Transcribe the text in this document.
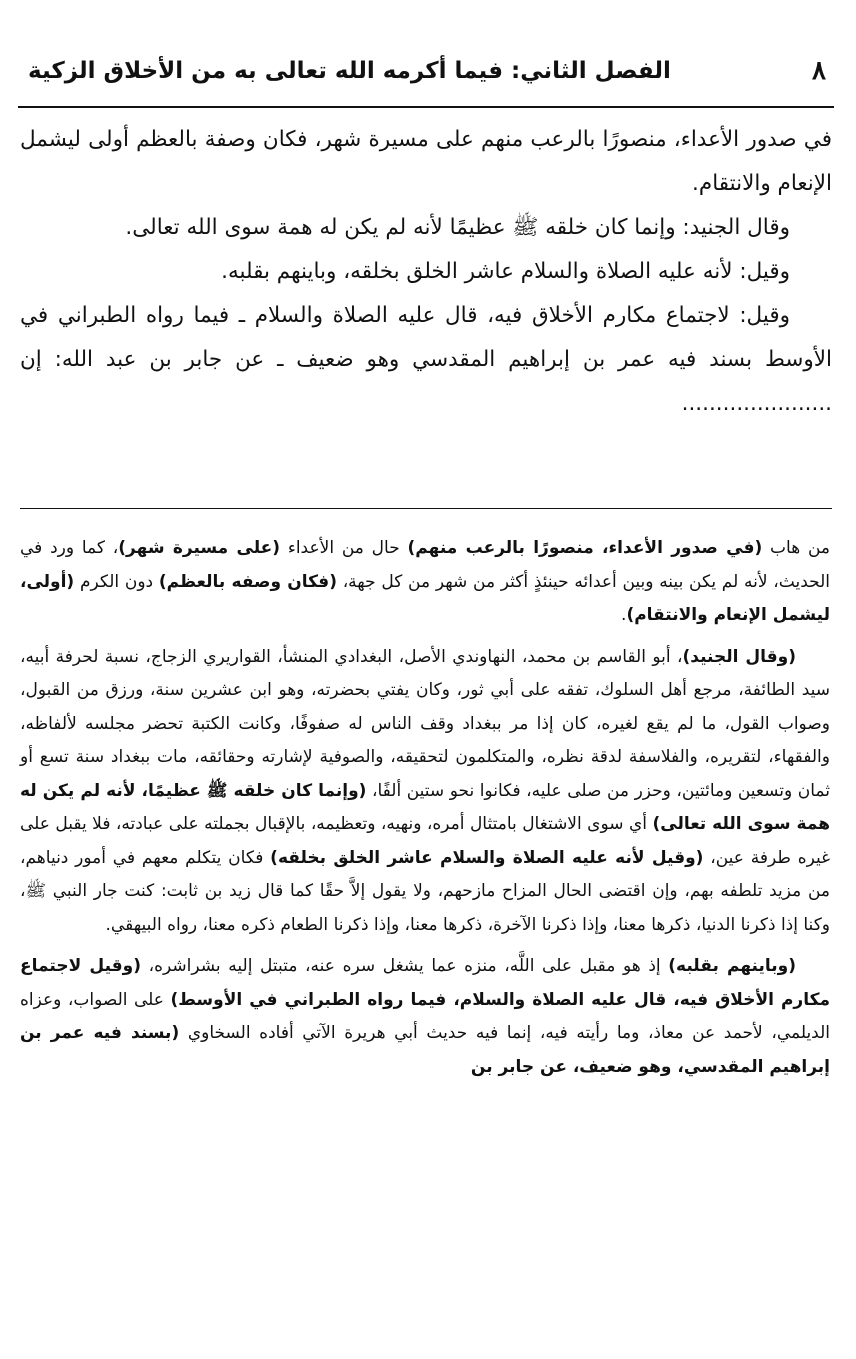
٨
الفصل الثاني: فيما أكرمه الله تعالى به من الأخلاق الزكية

في صدور الأعداء، منصورًا بالرعب منهم على مسيرة شهر، فكان وصفة بالعظم أولى ليشمل الإنعام والانتقام.

وقال الجنيد: وإنما كان خلقه ﷺ عظيمًا لأنه لم يكن له همة سوى الله تعالى.

وقيل: لأنه عليه الصلاة والسلام عاشر الخلق بخلقه، وباينهم بقلبه.

وقيل: لاجتماع مكارم الأخلاق فيه، قال عليه الصلاة والسلام ـ فيما رواه الطبراني في الأوسط بسند فيه عمر بن إبراهيم المقدسي وهو ضعيف ـ عن جابر بن عبد الله: إن ......................

من هاب (في صدور الأعداء، منصورًا بالرعب منهم) حال من الأعداء (على مسيرة شهر)، كما ورد في الحديث، لأنه لم يكن بينه وبين أعدائه حينئذٍ أكثر من شهر من كل جهة، (فكان وصفه بالعظم) دون الكرم (أولى، ليشمل الإنعام والانتقام).

(وقال الجنيد)، أبو القاسم بن محمد، النهاوندي الأصل، البغدادي المنشأ، القواريري الزجاج، نسبة لحرفة أبيه، سيد الطائفة، مرجع أهل السلوك، تفقه على أبي ثور، وكان يفتي بحضرته، وهو ابن عشرين سنة، ورزق من القبول، وصواب القول، ما لم يقع لغيره، كان إذا مر ببغداد وقف الناس له صفوفًا، وكانت الكتبة تحضر مجلسه لألفاظه، والفقهاء، لتقريره، والفلاسفة لدقة نظره، والمتكلمون لتحقيقه، والصوفية لإشارته وحقائقه، مات ببغداد سنة تسع أو ثمان وتسعين ومائتين، وحزر من صلى عليه، فكانوا نحو ستين ألفًا، (وإنما كان خلقه ﷺ عظيمًا، لأنه لم يكن له همة سوى الله تعالى) أي سوى الاشتغال بامتثال أمره، ونهيه، وتعظيمه، بالإقبال بجملته على عبادته، فلا يقبل على غيره طرفة عين، (وقيل لأنه عليه الصلاة والسلام عاشر الخلق بخلقه) فكان يتكلم معهم في أمور دنياهم، من مزيد تلطفه بهم، وإن اقتضى الحال المزاح مازحهم، ولا يقول إلاَّ حقًا كما قال زيد بن ثابت: كنت جار النبي ﷺ، وكنا إذا ذكرنا الدنيا، ذكرها معنا، وإذا ذكرنا الآخرة، ذكرها معنا، وإذا ذكرنا الطعام ذكره معنا، رواه البيهقي.

(وباينهم بقلبه) إذ هو مقبل على اللَّه، منزه عما يشغل سره عنه، متبتل إليه بشراشره، (وقيل لاجتماع مكارم الأخلاق فيه، قال عليه الصلاة والسلام، فيما رواه الطبراني في الأوسط) على الصواب، وعزاه الديلمي، لأحمد عن معاذ، وما رأيته فيه، إنما فيه حديث أبي هريرة الآتي أفاده السخاوي (بسند فيه عمر بن إبراهيم المقدسي، وهو ضعيف، عن جابر بن
